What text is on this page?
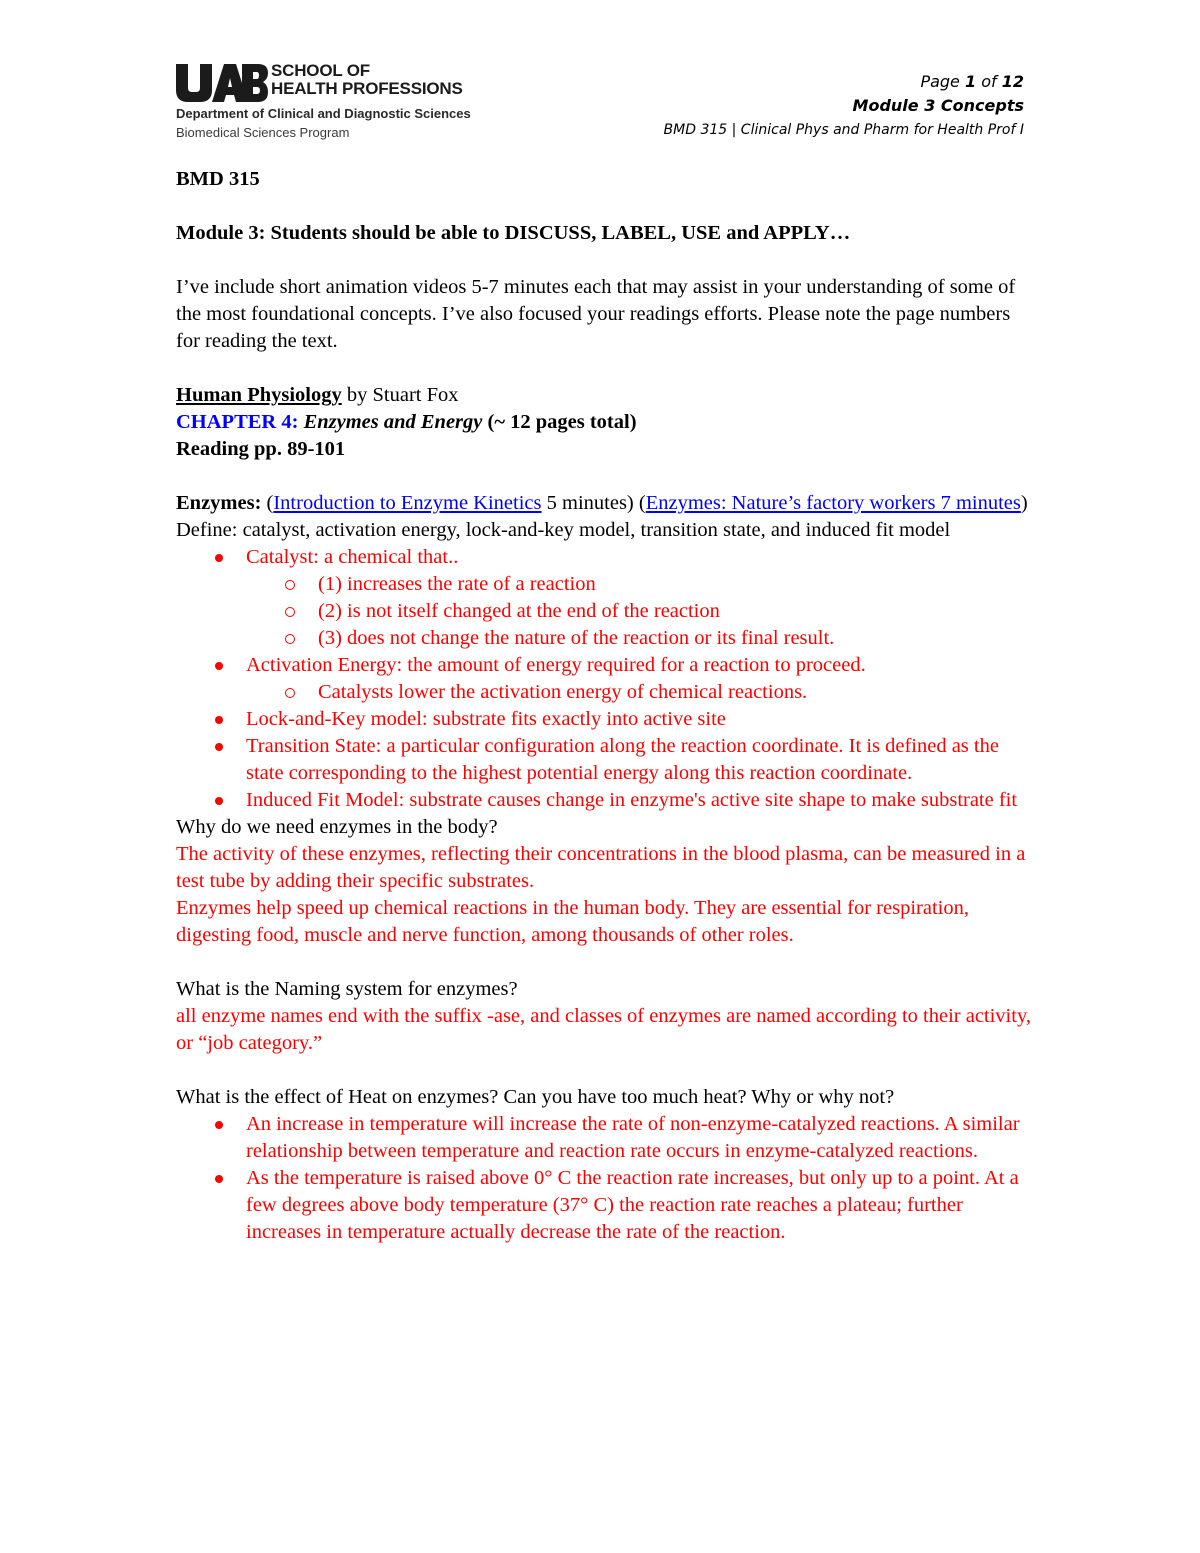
SCHOOL OF
HEALTH PROFESSIONS
Department of Clinical and Diagnostic Sciences
Biomedical Sciences Program
Page 1 of 12
Module 3 Concepts
BMD 315 | Clinical Phys and Pharm for Health Prof I

BMD 315

Module 3: Students should be able to DISCUSS, LABEL, USE and APPLY…

I’ve include short animation videos 5-7 minutes each that may assist in your understanding of some of the most foundational concepts. I’ve also focused your readings efforts. Please note the page numbers for reading the text.

Human Physiology by Stuart Fox

CHAPTER 4: Enzymes and Energy (~ 12 pages total)

Reading pp. 89-101

Enzymes: (Introduction to Enzyme Kinetics 5 minutes) (Enzymes: Nature’s factory workers 7 minutes)

Define: catalyst, activation energy, lock-and-key model, transition state, and induced fit model

Catalyst: a chemical that..
(1) increases the rate of a reaction
(2) is not itself changed at the end of the reaction
(3) does not change the nature of the reaction or its final result.
Activation Energy: the amount of energy required for a reaction to proceed.
Catalysts lower the activation energy of chemical reactions.
Lock-and-Key model: substrate fits exactly into active site
Transition State: a particular configuration along the reaction coordinate. It is defined as the state corresponding to the highest potential energy along this reaction coordinate.
Induced Fit Model: substrate causes change in enzyme's active site shape to make substrate fit

Why do we need enzymes in the body?

The activity of these enzymes, reflecting their concentrations in the blood plasma, can be measured in a test tube by adding their specific substrates.

Enzymes help speed up chemical reactions in the human body. They are essential for respiration, digesting food, muscle and nerve function, among thousands of other roles.

What is the Naming system for enzymes?

all enzyme names end with the suffix -ase, and classes of enzymes are named according to their activity, or “job category.”

What is the effect of Heat on enzymes? Can you have too much heat? Why or why not?

An increase in temperature will increase the rate of non-enzyme-catalyzed reactions. A similar relationship between temperature and reaction rate occurs in enzyme-catalyzed reactions.
As the temperature is raised above 0° C the reaction rate increases, but only up to a point. At a few degrees above body temperature (37° C) the reaction rate reaches a plateau; further increases in temperature actually decrease the rate of the reaction.
